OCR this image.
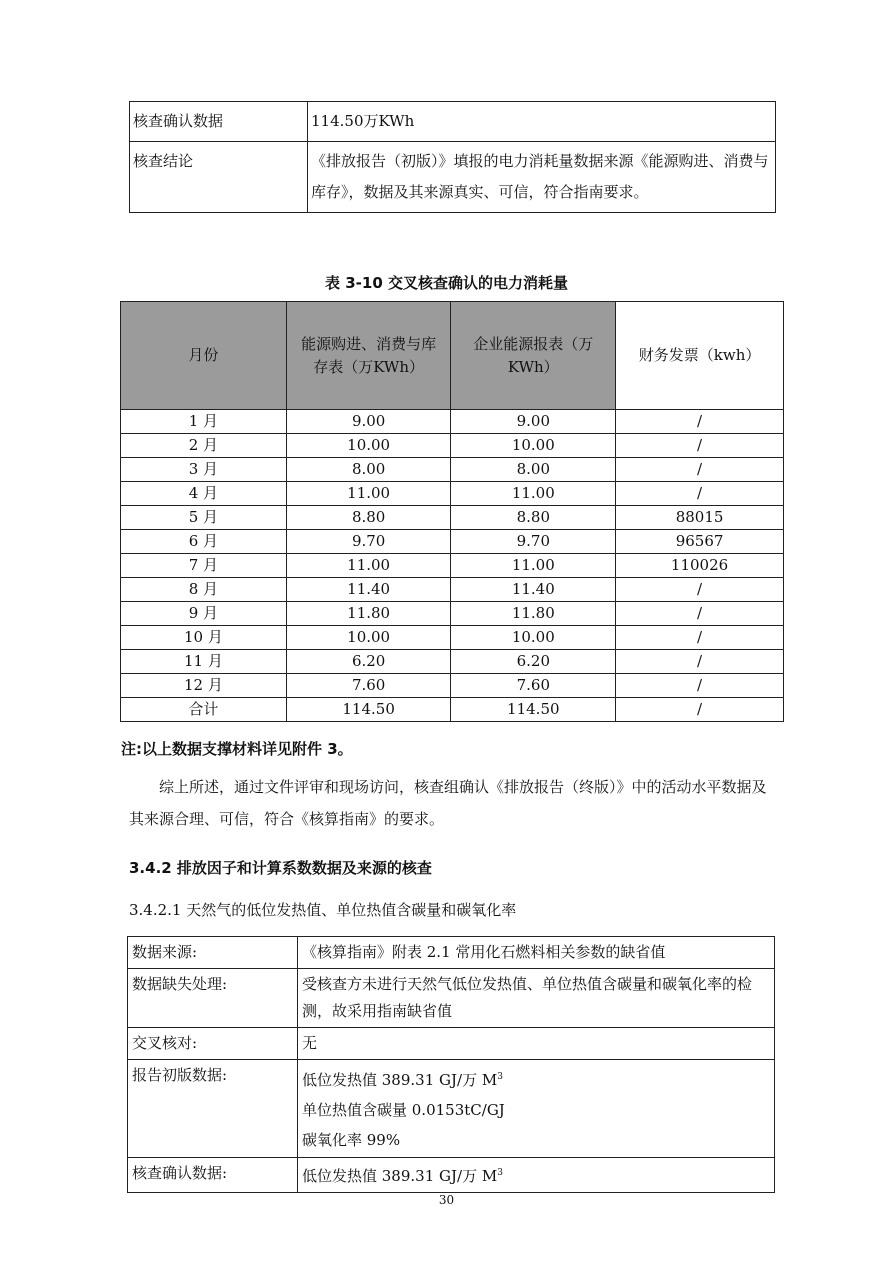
核查确认数据	114.50万KWh
核查结论	《排放报告（初版）》填报的电力消耗量数据来源《能源购进、消费与库存》，数据及其来源真实、可信，符合指南要求。
表 3-10 交叉核查确认的电力消耗量
月份	能源购进、消费与库存表（万KWh）	企业能源报表（万KWh）	财务发票（kwh）
1 月	9.00	9.00	/
2 月	10.00	10.00	/
3 月	8.00	8.00	/
4 月	11.00	11.00	/
5 月	8.80	8.80	88015
6 月	9.70	9.70	96567
7 月	11.00	11.00	110026
8 月	11.40	11.40	/
9 月	11.80	11.80	/
10 月	10.00	10.00	/
11 月	6.20	6.20	/
12 月	7.60	7.60	/
合计	114.50	114.50	/
注:以上数据支撑材料详见附件 3。
综上所述，通过文件评审和现场访问，核查组确认《排放报告（终版）》中的活动水平数据及其来源合理、可信，符合《核算指南》的要求。
3.4.2 排放因子和计算系数数据及来源的核查
3.4.2.1 天然气的低位发热值、单位热值含碳量和碳氧化率
数据来源:	《核算指南》附表 2.1 常用化石燃料相关参数的缺省值
数据缺失处理:	受核查方未进行天然气低位发热值、单位热值含碳量和碳氧化率的检测，故采用指南缺省值
交叉核对:	无
报告初版数据:	低位发热值 389.31 GJ/万 $M^3$
单位热值含碳量 0.0153tC/GJ
碳氧化率 99%

核查确认数据:	低位发热值 389.31 GJ/万 $M^3$
30
